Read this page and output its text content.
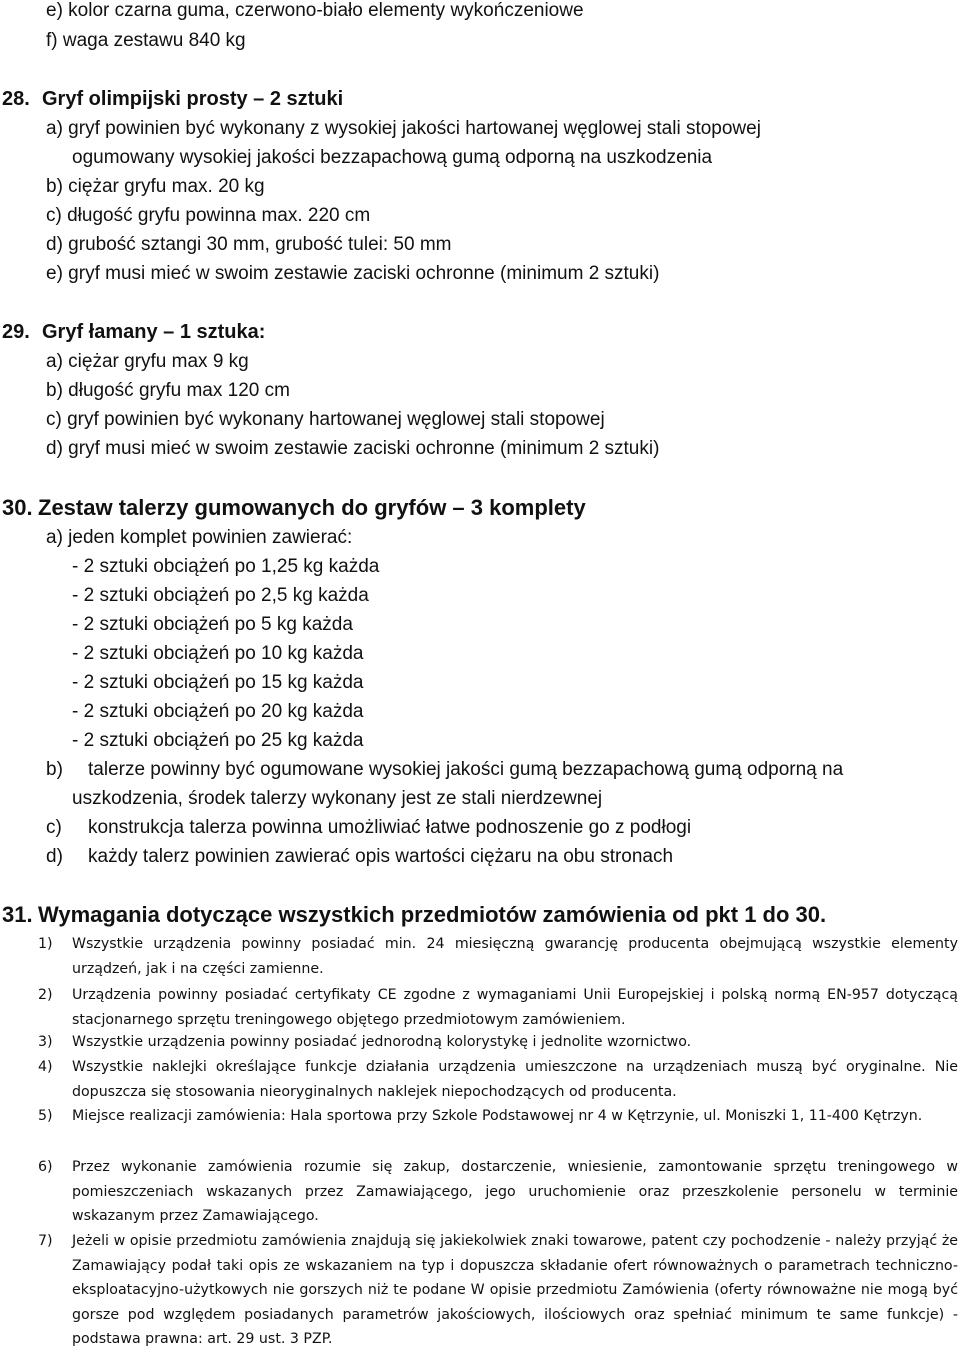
e) kolor czarna guma, czerwono-biało elementy wykończeniowe
f) waga zestawu 840 kg
28. Gryf olimpijski prosty – 2 sztuki
a) gryf powinien być wykonany z wysokiej jakości hartowanej węglowej stali stopowej
ogumowany wysokiej jakości bezzapachową gumą odporną na uszkodzenia
b) ciężar gryfu max. 20 kg
c) długość gryfu powinna max. 220 cm
d) grubość sztangi 30 mm, grubość tulei: 50 mm
e) gryf musi mieć w swoim zestawie zaciski ochronne (minimum 2 sztuki)
29. Gryf łamany – 1 sztuka:
a) ciężar gryfu max 9 kg
b) długość gryfu max 120 cm
c) gryf powinien być wykonany hartowanej węglowej stali stopowej
d) gryf musi mieć w swoim zestawie zaciski ochronne (minimum 2 sztuki)
30. Zestaw talerzy gumowanych do gryfów – 3 komplety
a) jeden komplet powinien zawierać:
- 2 sztuki obciążeń po 1,25 kg każda
- 2 sztuki obciążeń po 2,5 kg każda
- 2 sztuki obciążeń po 5 kg każda
- 2 sztuki obciążeń po 10 kg każda
- 2 sztuki obciążeń po 15 kg każda
- 2 sztuki obciążeń po 20 kg każda
- 2 sztuki obciążeń po 25 kg każda
b) talerze powinny być ogumowane wysokiej jakości gumą bezzapachową gumą odporną na
uszkodzenia, środek talerzy wykonany jest ze stali nierdzewnej
c) konstrukcja talerza powinna umożliwiać łatwe podnoszenie go z podłogi
d) każdy talerz powinien zawierać opis wartości ciężaru na obu stronach
31. Wymagania dotyczące wszystkich przedmiotów zamówienia od pkt 1 do 30.
1) Wszystkie urządzenia powinny posiadać min. 24 miesięczną gwarancję producenta obejmującą wszystkie elementy urządzeń, jak i na części zamienne.
2) Urządzenia powinny posiadać certyfikaty CE zgodne z wymaganiami Unii Europejskiej i polską normą EN-957 dotyczącą stacjonarnego sprzętu treningowego objętego przedmiotowym zamówieniem.
3) Wszystkie urządzenia powinny posiadać jednorodną kolorystykę i jednolite wzornictwo.
4) Wszystkie naklejki określające funkcje działania urządzenia umieszczone na urządzeniach muszą być oryginalne. Nie dopuszcza się stosowania nieoryginalnych naklejek niepochodzących od producenta.
5) Miejsce realizacji zamówienia: Hala sportowa przy Szkole Podstawowej nr 4 w Kętrzynie, ul. Moniszki 1, 11-400 Kętrzyn.
6) Przez wykonanie zamówienia rozumie się zakup, dostarczenie, wniesienie, zamontowanie sprzętu treningowego w pomieszczeniach wskazanych przez Zamawiającego, jego uruchomienie oraz przeszkolenie personelu w terminie wskazanym przez Zamawiającego.
7) Jeżeli w opisie przedmiotu zamówienia znajdują się jakiekolwiek znaki towarowe, patent czy pochodzenie - należy przyjąć że Zamawiający podał taki opis ze wskazaniem na typ i dopuszcza składanie ofert równoważnych o parametrach techniczno-eksploatacyjno-użytkowych nie gorszych niż te podane W opisie przedmiotu Zamówienia (oferty równoważne nie mogą być gorsze pod względem posiadanych parametrów jakościowych, ilościowych oraz spełniać minimum te same funkcje) - podstawa prawna: art. 29 ust. 3 PZP.
